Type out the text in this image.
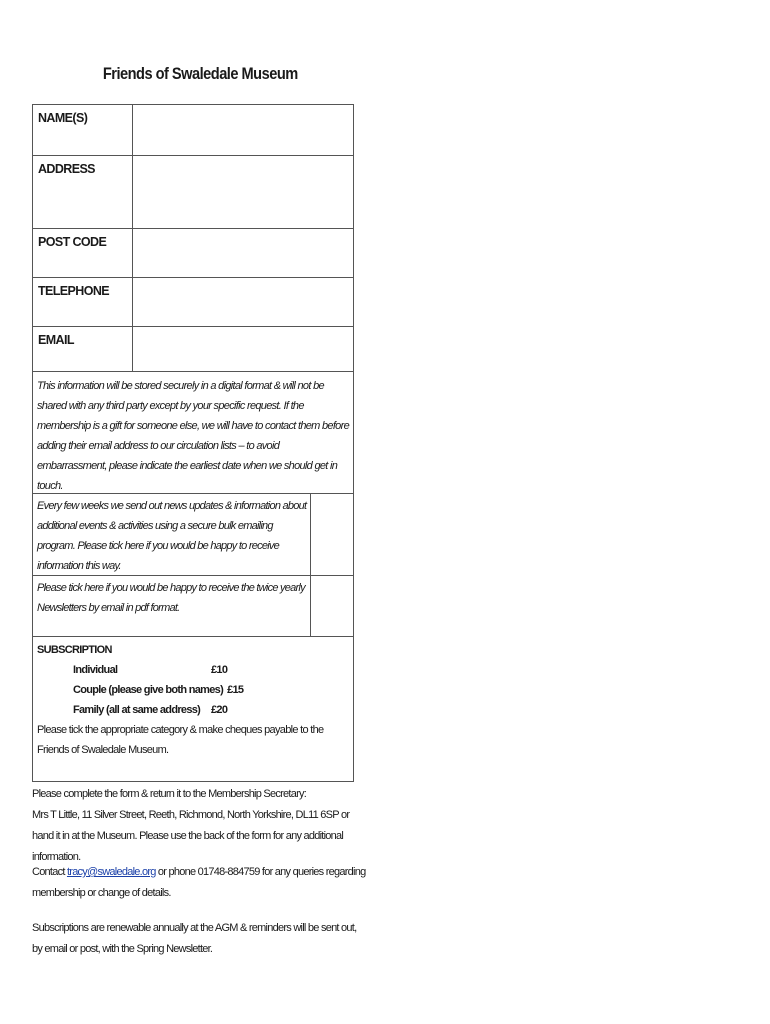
Friends of Swaledale Museum
NAME(S)
ADDRESS
POST CODE
TELEPHONE
EMAIL
This information will be stored securely in a digital format & will not be shared with any third party except by your specific request. If the membership is a gift for someone else, we will have to contact them before adding their email address to our circulation lists – to avoid embarrassment, please indicate the earliest date when we should get in touch.
Every few weeks we send out news updates & information about additional events & activities using a secure bulk emailing program. Please tick here if you would be happy to receive information this way.
Please tick here if you would be happy to receive the twice yearly Newsletters by email in pdf format.
SUBSCRIPTION
Individual	£10
Couple (please give both names) £15
Family (all at same address) £20
Please tick the appropriate category & make cheques payable to the Friends of Swaledale Museum.
Please complete the form & return it to the Membership Secretary:
Mrs T Little, 11 Silver Street, Reeth, Richmond, North Yorkshire, DL11 6SP or hand it in at the Museum. Please use the back of the form for any additional information.
Contact tracy@swaledale.org or phone 01748-884759 for any queries regarding membership or change of details.
Subscriptions are renewable annually at the AGM & reminders will be sent out, by email or post, with the Spring Newsletter.
